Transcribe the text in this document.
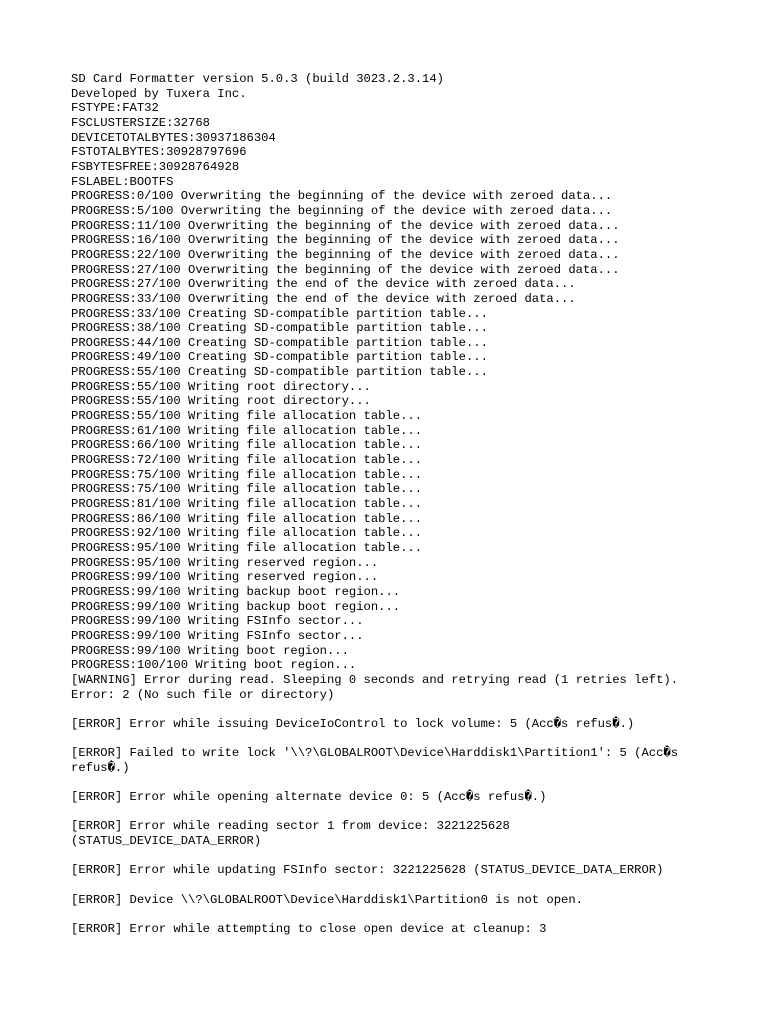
SD Card Formatter version 5.0.3 (build 3023.2.3.14)
Developed by Tuxera Inc.
FSTYPE:FAT32
FSCLUSTERSIZE:32768
DEVICETOTALBYTES:30937186304
FSTOTALBYTES:30928797696
FSBYTESFREE:30928764928
FSLABEL:BOOTFS
PROGRESS:0/100 Overwriting the beginning of the device with zeroed data...
PROGRESS:5/100 Overwriting the beginning of the device with zeroed data...
PROGRESS:11/100 Overwriting the beginning of the device with zeroed data...
PROGRESS:16/100 Overwriting the beginning of the device with zeroed data...
PROGRESS:22/100 Overwriting the beginning of the device with zeroed data...
PROGRESS:27/100 Overwriting the beginning of the device with zeroed data...
PROGRESS:27/100 Overwriting the end of the device with zeroed data...
PROGRESS:33/100 Overwriting the end of the device with zeroed data...
PROGRESS:33/100 Creating SD-compatible partition table...
PROGRESS:38/100 Creating SD-compatible partition table...
PROGRESS:44/100 Creating SD-compatible partition table...
PROGRESS:49/100 Creating SD-compatible partition table...
PROGRESS:55/100 Creating SD-compatible partition table...
PROGRESS:55/100 Writing root directory...
PROGRESS:55/100 Writing root directory...
PROGRESS:55/100 Writing file allocation table...
PROGRESS:61/100 Writing file allocation table...
PROGRESS:66/100 Writing file allocation table...
PROGRESS:72/100 Writing file allocation table...
PROGRESS:75/100 Writing file allocation table...
PROGRESS:75/100 Writing file allocation table...
PROGRESS:81/100 Writing file allocation table...
PROGRESS:86/100 Writing file allocation table...
PROGRESS:92/100 Writing file allocation table...
PROGRESS:95/100 Writing file allocation table...
PROGRESS:95/100 Writing reserved region...
PROGRESS:99/100 Writing reserved region...
PROGRESS:99/100 Writing backup boot region...
PROGRESS:99/100 Writing backup boot region...
PROGRESS:99/100 Writing FSInfo sector...
PROGRESS:99/100 Writing FSInfo sector...
PROGRESS:99/100 Writing boot region...
PROGRESS:100/100 Writing boot region...
[WARNING] Error during read. Sleeping 0 seconds and retrying read (1 retries left).
Error: 2 (No such file or directory)

[ERROR] Error while issuing DeviceIoControl to lock volume: 5 (Acc�s refus�.)

[ERROR] Failed to write lock '\\?\GLOBALROOT\Device\Harddisk1\Partition1': 5 (Acc�s
refus�.)

[ERROR] Error while opening alternate device 0: 5 (Acc�s refus�.)

[ERROR] Error while reading sector 1 from device: 3221225628
(STATUS_DEVICE_DATA_ERROR)

[ERROR] Error while updating FSInfo sector: 3221225628 (STATUS_DEVICE_DATA_ERROR)

[ERROR] Device \\?\GLOBALROOT\Device\Harddisk1\Partition0 is not open.

[ERROR] Error while attempting to close open device at cleanup: 3
